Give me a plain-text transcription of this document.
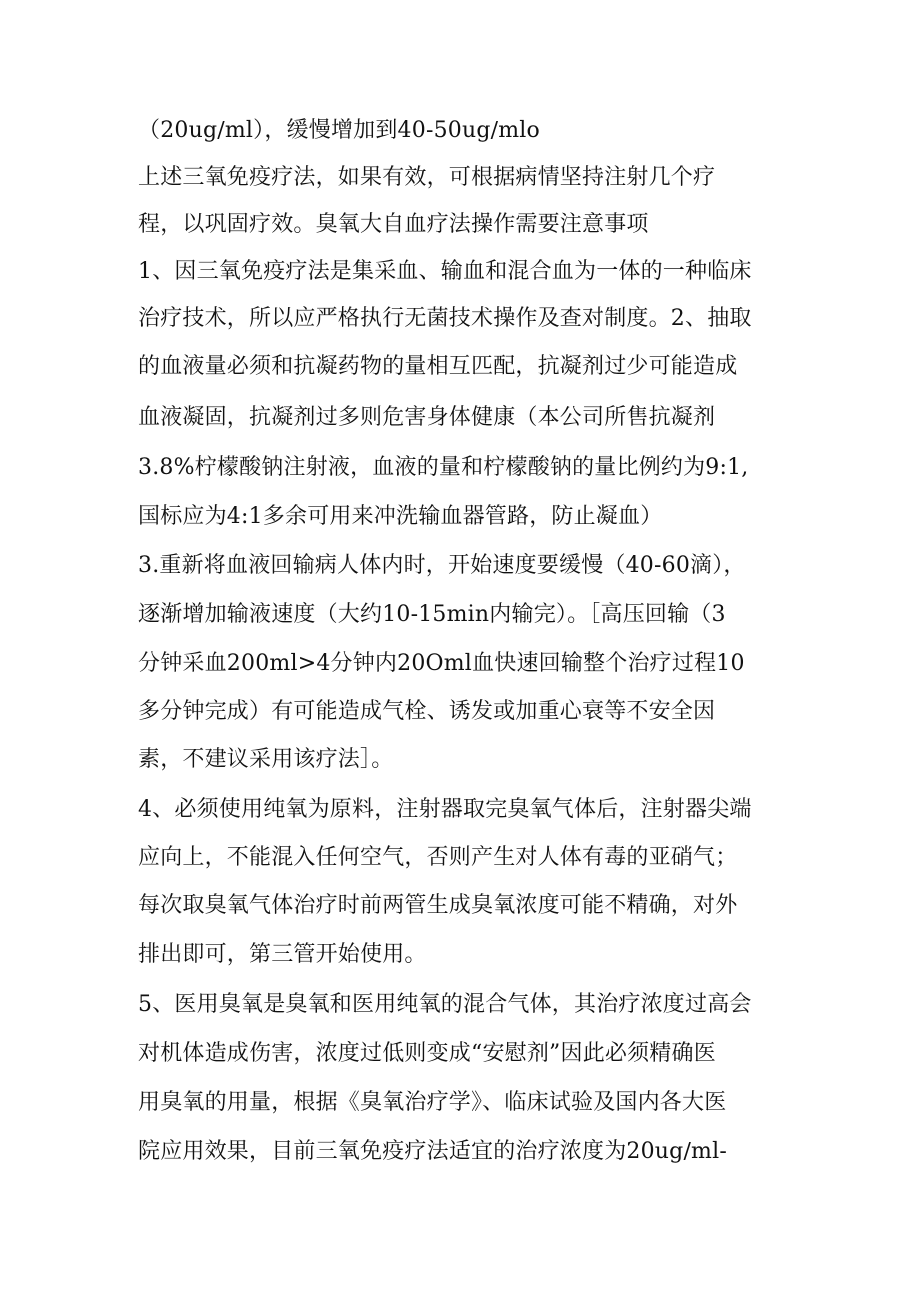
（20ug∕ml），缓慢增加到40-50ug∕mlo
上述三氧免疫疗法，如果有效，可根据病情坚持注射几个疗
程，以巩固疗效。臭氧大自血疗法操作需要注意事项
1、因三氧免疫疗法是集采血、输血和混合血为一体的一种临床
治疗技术，所以应严格执行无菌技术操作及查对制度。2、抽取
的血液量必须和抗凝药物的量相互匹配，抗凝剂过少可能造成
血液凝固，抗凝剂过多则危害身体健康（本公司所售抗凝剂
3.8%柠檬酸钠注射液，血液的量和柠檬酸钠的量比例约为9:1,
国标应为4:1多余可用来冲洗输血器管路，防止凝血）
3.重新将血液回输病人体内时，开始速度要缓慢（40-60滴），
逐渐增加输液速度（大约10-15min内输完）。［高压回输（3
分钟采血200ml>4分钟内20Oml血快速回输整个治疗过程10
多分钟完成）有可能造成气栓、诱发或加重心衰等不安全因
素，不建议采用该疗法］。
4、必须使用纯氧为原料，注射器取完臭氧气体后，注射器尖端
应向上，不能混入任何空气，否则产生对人体有毒的亚硝气；
每次取臭氧气体治疗时前两管生成臭氧浓度可能不精确，对外
排出即可，第三管开始使用。
5、医用臭氧是臭氧和医用纯氧的混合气体，其治疗浓度过高会
对机体造成伤害，浓度过低则变成“安慰剂”因此必须精确医
用臭氧的用量，根据《臭氧治疗学》、临床试验及国内各大医
院应用效果，目前三氧免疫疗法适宜的治疗浓度为20ug∕ml-
